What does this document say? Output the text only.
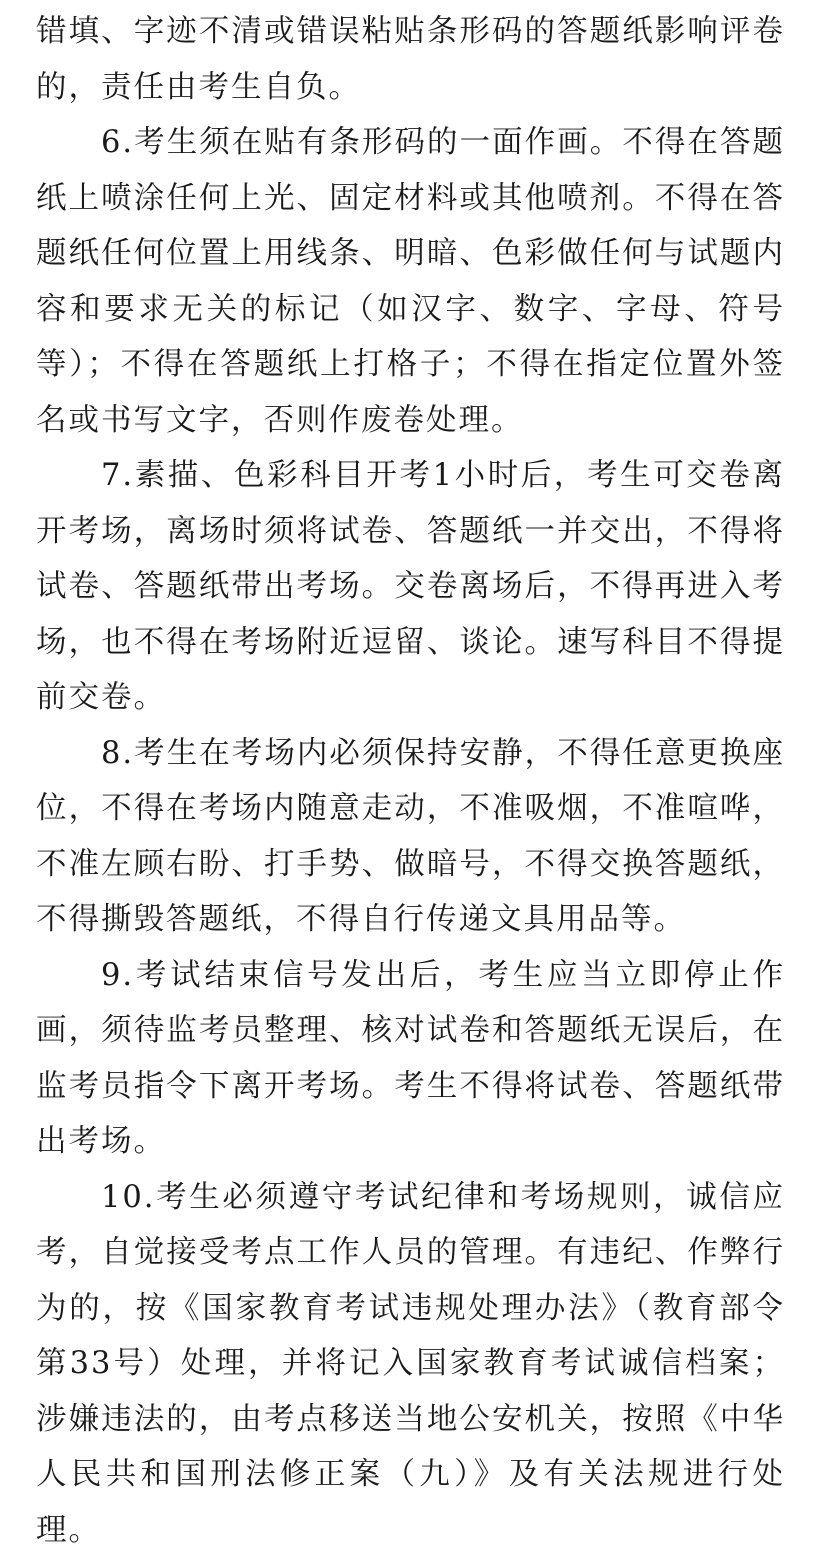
错填、字迹不清或错误粘贴条形码的答题纸影响评卷的，责任由考生自负。

6.考生须在贴有条形码的一面作画。不得在答题纸上喷涂任何上光、固定材料或其他喷剂。不得在答题纸任何位置上用线条、明暗、色彩做任何与试题内容和要求无关的标记（如汉字、数字、字母、符号等）；不得在答题纸上打格子；不得在指定位置外签名或书写文字，否则作废卷处理。

7.素描、色彩科目开考1小时后，考生可交卷离开考场，离场时须将试卷、答题纸一并交出，不得将试卷、答题纸带出考场。交卷离场后，不得再进入考场，也不得在考场附近逗留、谈论。速写科目不得提前交卷。

8.考生在考场内必须保持安静，不得任意更换座位，不得在考场内随意走动，不准吸烟，不准喧哗，不准左顾右盼、打手势、做暗号，不得交换答题纸，不得撕毁答题纸，不得自行传递文具用品等。

9.考试结束信号发出后，考生应当立即停止作画，须待监考员整理、核对试卷和答题纸无误后，在监考员指令下离开考场。考生不得将试卷、答题纸带出考场。

10.考生必须遵守考试纪律和考场规则，诚信应考，自觉接受考点工作人员的管理。有违纪、作弊行为的，按《国家教育考试违规处理办法》（教育部令第33号）处理，并将记入国家教育考试诚信档案；涉嫌违法的，由考点移送当地公安机关，按照《中华人民共和国刑法修正案（九）》及有关法规进行处理。
